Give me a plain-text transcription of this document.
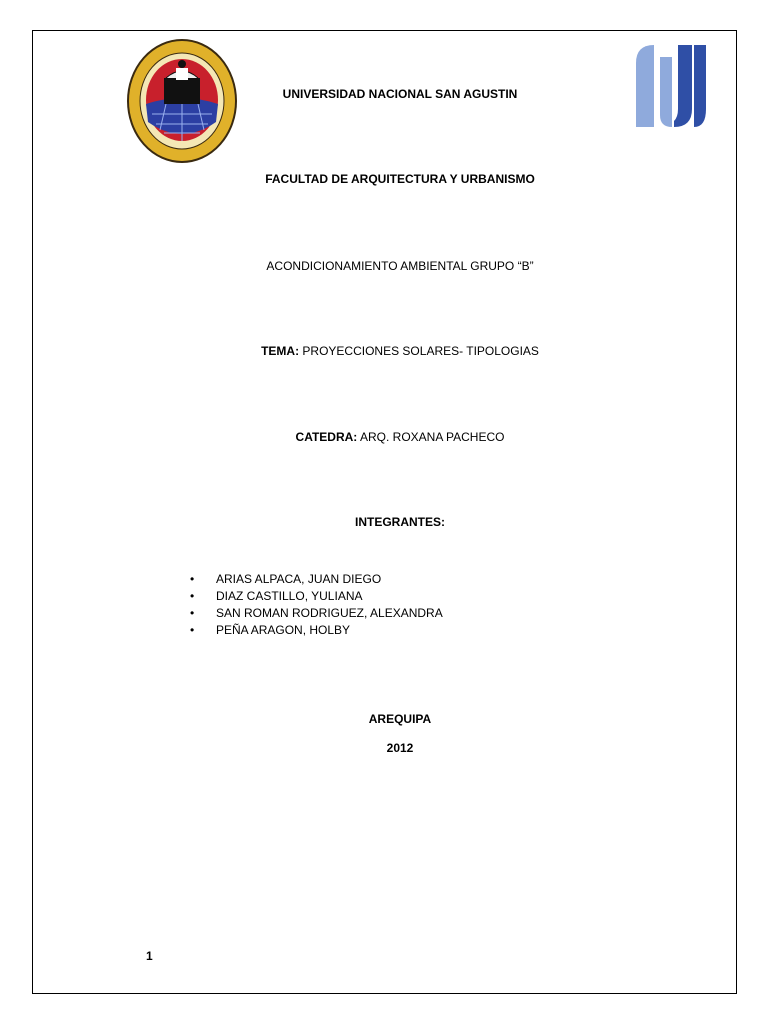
UNIVERSIDAD NACIONAL SAN AGUSTIN
FACULTAD DE ARQUITECTURA Y URBANISMO
ACONDICIONAMIENTO AMBIENTAL GRUPO “B”
TEMA: PROYECCIONES SOLARES- TIPOLOGIAS
CATEDRA: ARQ. ROXANA PACHECO
INTEGRANTES:
• ARIAS ALPACA, JUAN DIEGO
• DIAZ CASTILLO, YULIANA
• SAN ROMAN RODRIGUEZ, ALEXANDRA
• PEÑA ARAGON, HOLBY
AREQUIPA
2012
1
